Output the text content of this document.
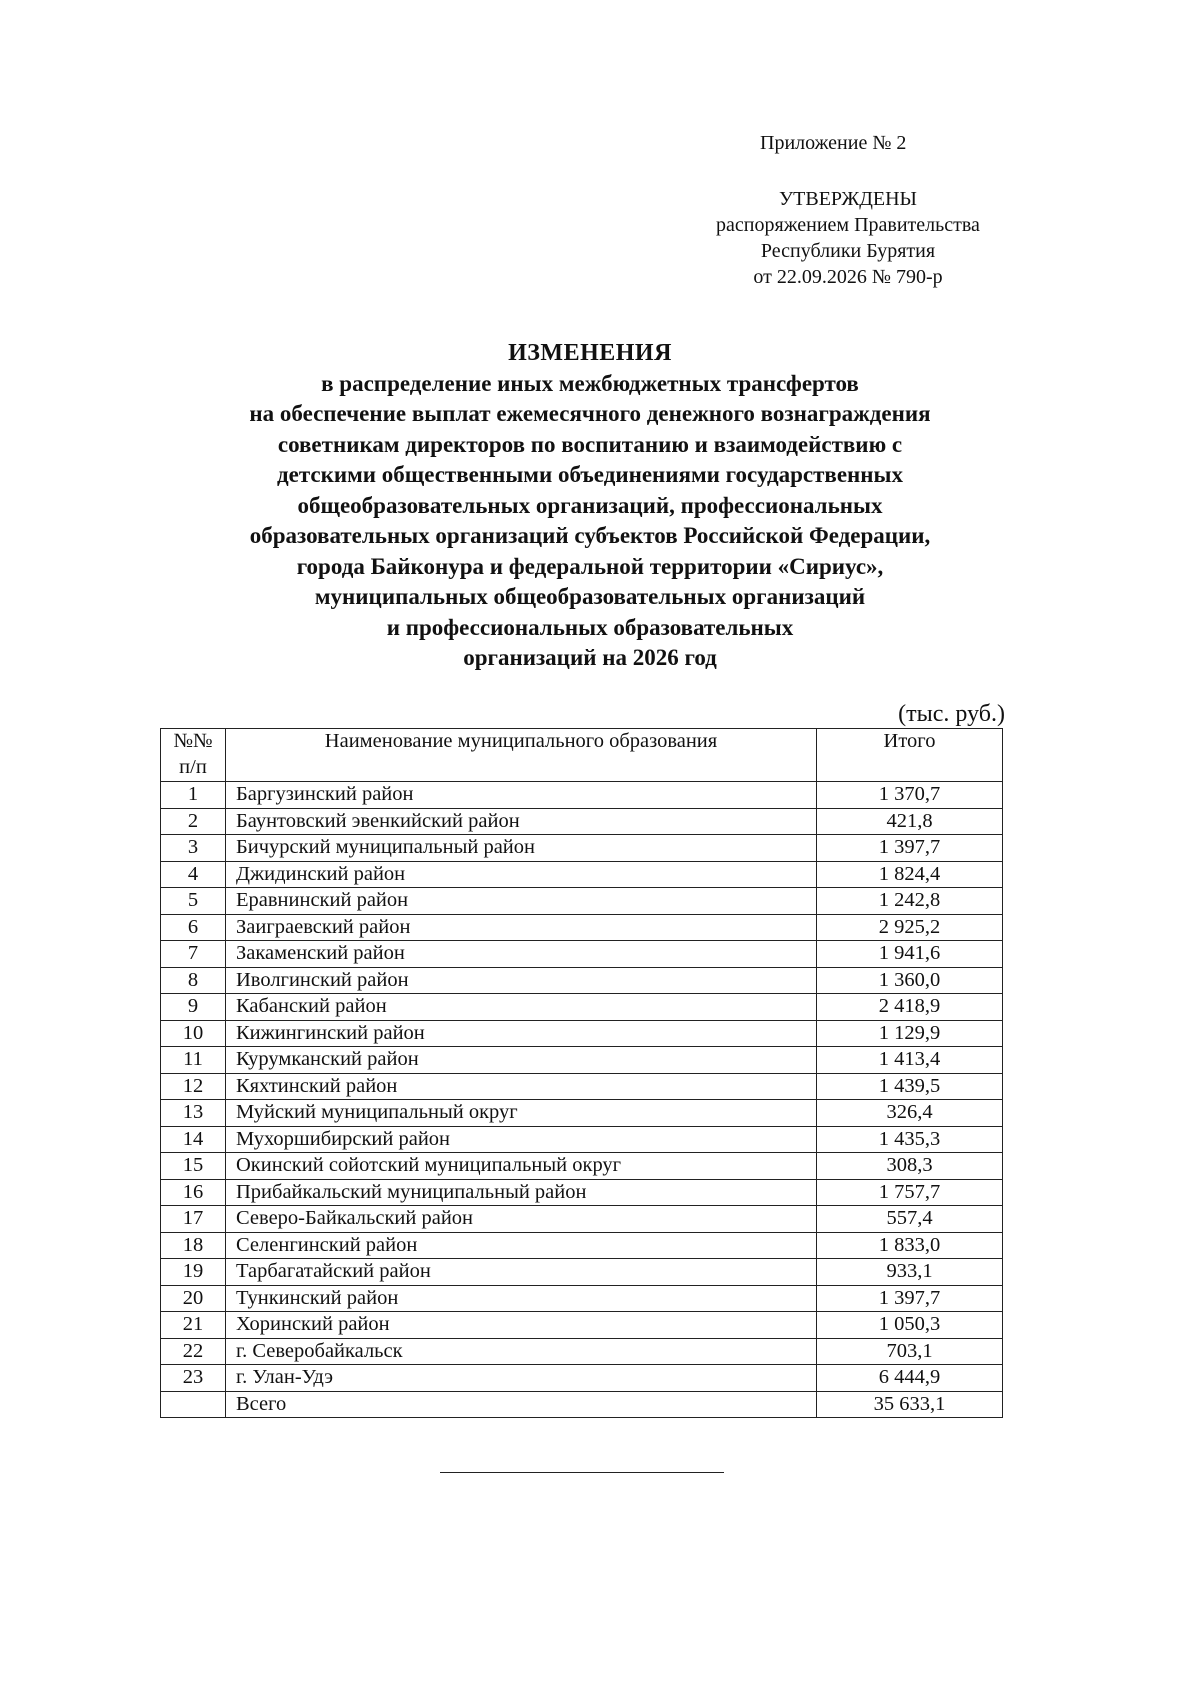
Приложение № 2
УТВЕРЖДЕНЫ
распоряжением Правительства
Республики Бурятия
от 22.09.2026 № 790-р
ИЗМЕНЕНИЯ
в распределение иных межбюджетных трансфертов
на обеспечение выплат ежемесячного денежного вознаграждения
советникам директоров по воспитанию и взаимодействию с
детскими общественными объединениями государственных
общеобразовательных организаций, профессиональных
образовательных организаций субъектов Российской Федерации,
города Байконура и федеральной территории «Сириус»,
муниципальных общеобразовательных организаций
и профессиональных образовательных
организаций на 2026 год
(тыс. руб.)
№№
п/п	Наименование муниципального образования	Итого
1	Баргузинский район	1 370,7
2	Баунтовский эвенкийский район	421,8
3	Бичурский муниципальный район	1 397,7
4	Джидинский район	1 824,4
5	Еравнинский район	1 242,8
6	Заиграевский район	2 925,2
7	Закаменский район	1 941,6
8	Иволгинский район	1 360,0
9	Кабанский район	2 418,9
10	Кижингинский район	1 129,9
11	Курумканский район	1 413,4
12	Кяхтинский район	1 439,5
13	Муйский муниципальный округ	326,4
14	Мухоршибирский район	1 435,3
15	Окинский сойотский муниципальный округ	308,3
16	Прибайкальский муниципальный район	1 757,7
17	Северо-Байкальский район	557,4
18	Селенгинский район	1 833,0
19	Тарбагатайский район	933,1
20	Тункинский район	1 397,7
21	Хоринский район	1 050,3
22	г. Северобайкальск	703,1
23	г. Улан-Удэ	6 444,9
	Всего	35 633,1
